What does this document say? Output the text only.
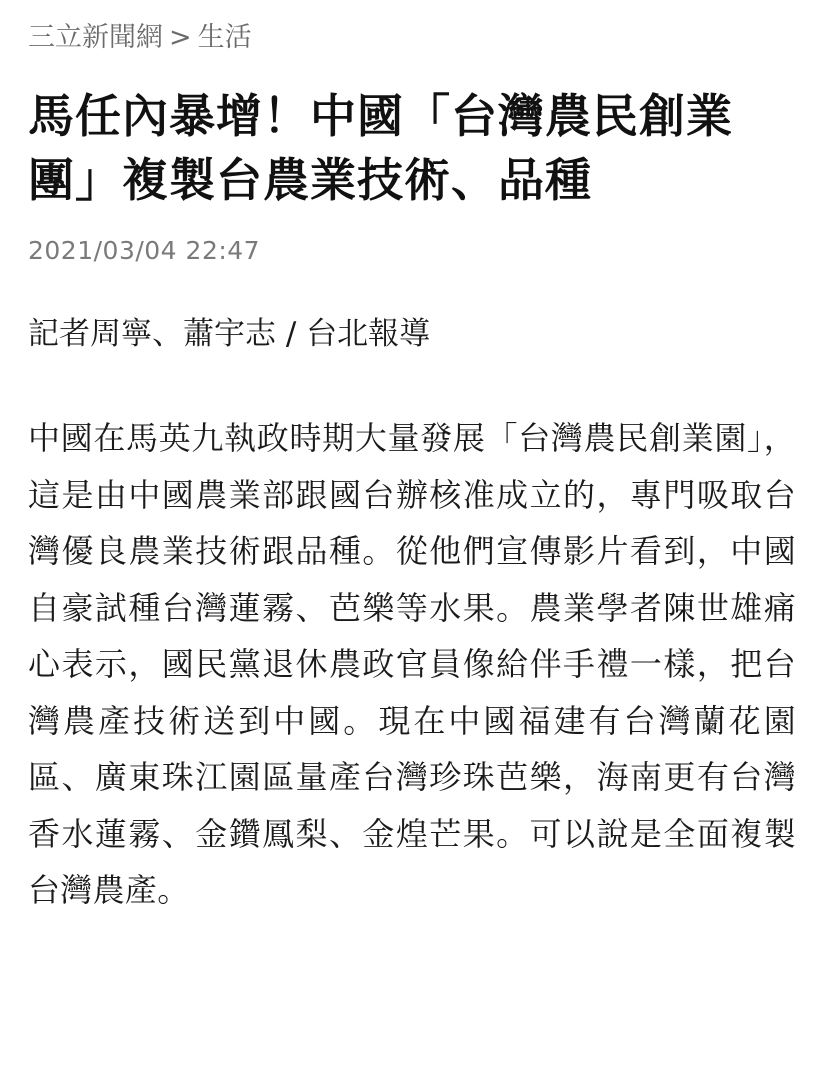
三立新聞網 > 生活
馬任內暴增！中國「台灣農民創業團」複製台農業技術、品種
2021/03/04 22:47
記者周寧、蕭宇志 / 台北報導

中國在馬英九執政時期大量發展「台灣農民創業園」，這是由中國農業部跟國台辦核准成立的，專門吸取台灣優良農業技術跟品種。從他們宣傳影片看到，中國自豪試種台灣蓮霧、芭樂等水果。農業學者陳世雄痛心表示，國民黨退休農政官員像給伴手禮一樣，把台灣農產技術送到中國。現在中國福建有台灣蘭花園區、廣東珠江園區量產台灣珍珠芭樂，海南更有台灣香水蓮霧、金鑽鳳梨、金煌芒果。可以說是全面複製台灣農產。
